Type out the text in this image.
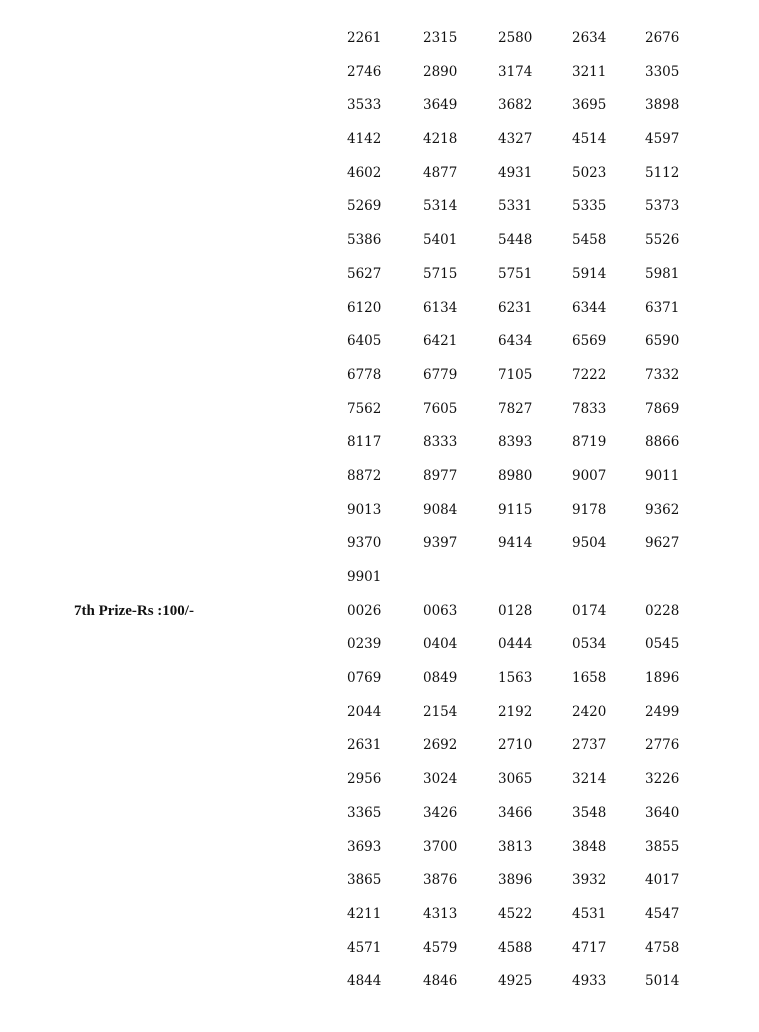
2261	2315	2580	2634	2676
2746	2890	3174	3211	3305
3533	3649	3682	3695	3898
4142	4218	4327	4514	4597
4602	4877	4931	5023	5112
5269	5314	5331	5335	5373
5386	5401	5448	5458	5526
5627	5715	5751	5914	5981
6120	6134	6231	6344	6371
6405	6421	6434	6569	6590
6778	6779	7105	7222	7332
7562	7605	7827	7833	7869
8117	8333	8393	8719	8866
8872	8977	8980	9007	9011
9013	9084	9115	9178	9362
9370	9397	9414	9504	9627
9901
7th Prize-Rs :100/-	0026	0063	0128	0174	0228
0239	0404	0444	0534	0545
0769	0849	1563	1658	1896
2044	2154	2192	2420	2499
2631	2692	2710	2737	2776
2956	3024	3065	3214	3226
3365	3426	3466	3548	3640
3693	3700	3813	3848	3855
3865	3876	3896	3932	4017
4211	4313	4522	4531	4547
4571	4579	4588	4717	4758
4844	4846	4925	4933	5014
